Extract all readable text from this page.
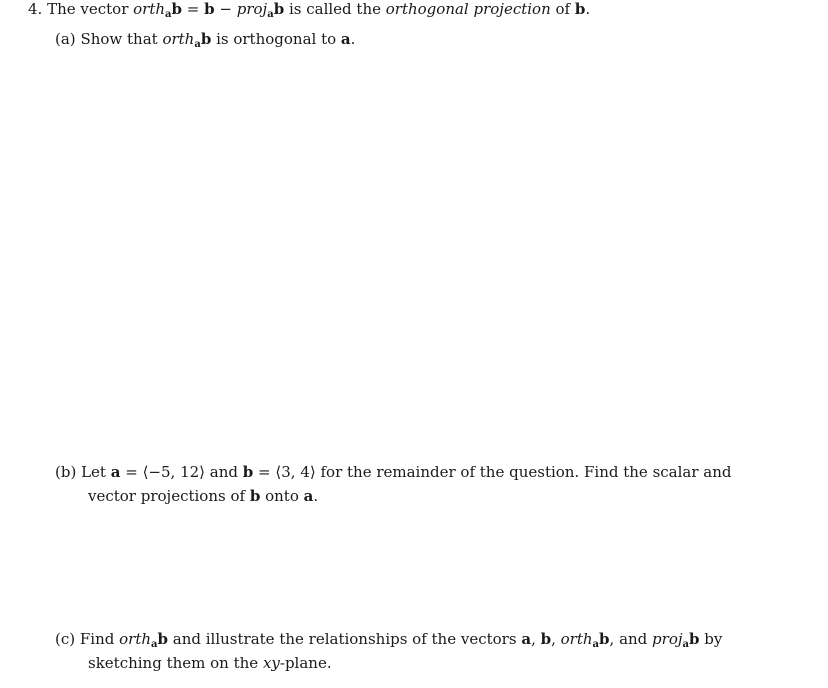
4. The vector orth$_a$b = b − proj$_a$b is called the orthogonal projection of b.
(a) Show that orth$_a$b is orthogonal to a.
(b) Let a = ⟨−5, 12⟩ and b = ⟨3, 4⟩ for the remainder of the question. Find the scalar and
vector projections of b onto a.
(c) Find orth$_a$b and illustrate the relationships of the vectors a, b, orth$_a$b, and proj$_a$b by
sketching them on the xy-plane.
